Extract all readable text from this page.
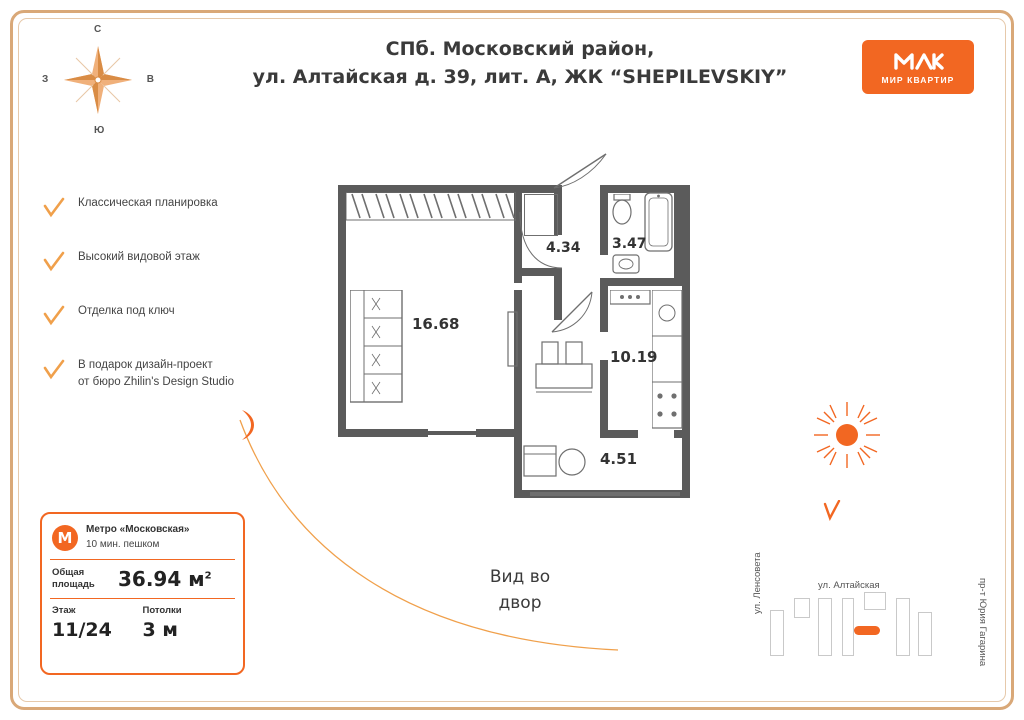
СПб. Московский район,
ул. Алтайская д. 39, лит. А, ЖК “SHEPILEVSKIY”	МИР КВАРТИР
С
Ю
З	В
Классическая планировка
Высокий видовой этаж
Отделка под ключ
В подарок дизайн-проект
от бюро Zhilin's Design Studio
M	Метро «Московская»
10 мин. пешком
Общая
площадь	36.94 $м^2$
Этаж
11/24
Потолки
3 м
16.68
4.34 3.47
10.19
4.51
Вид во
двор	ул. Ленсовета	ул. Алтайская	пр-т Юрия Гагарина
